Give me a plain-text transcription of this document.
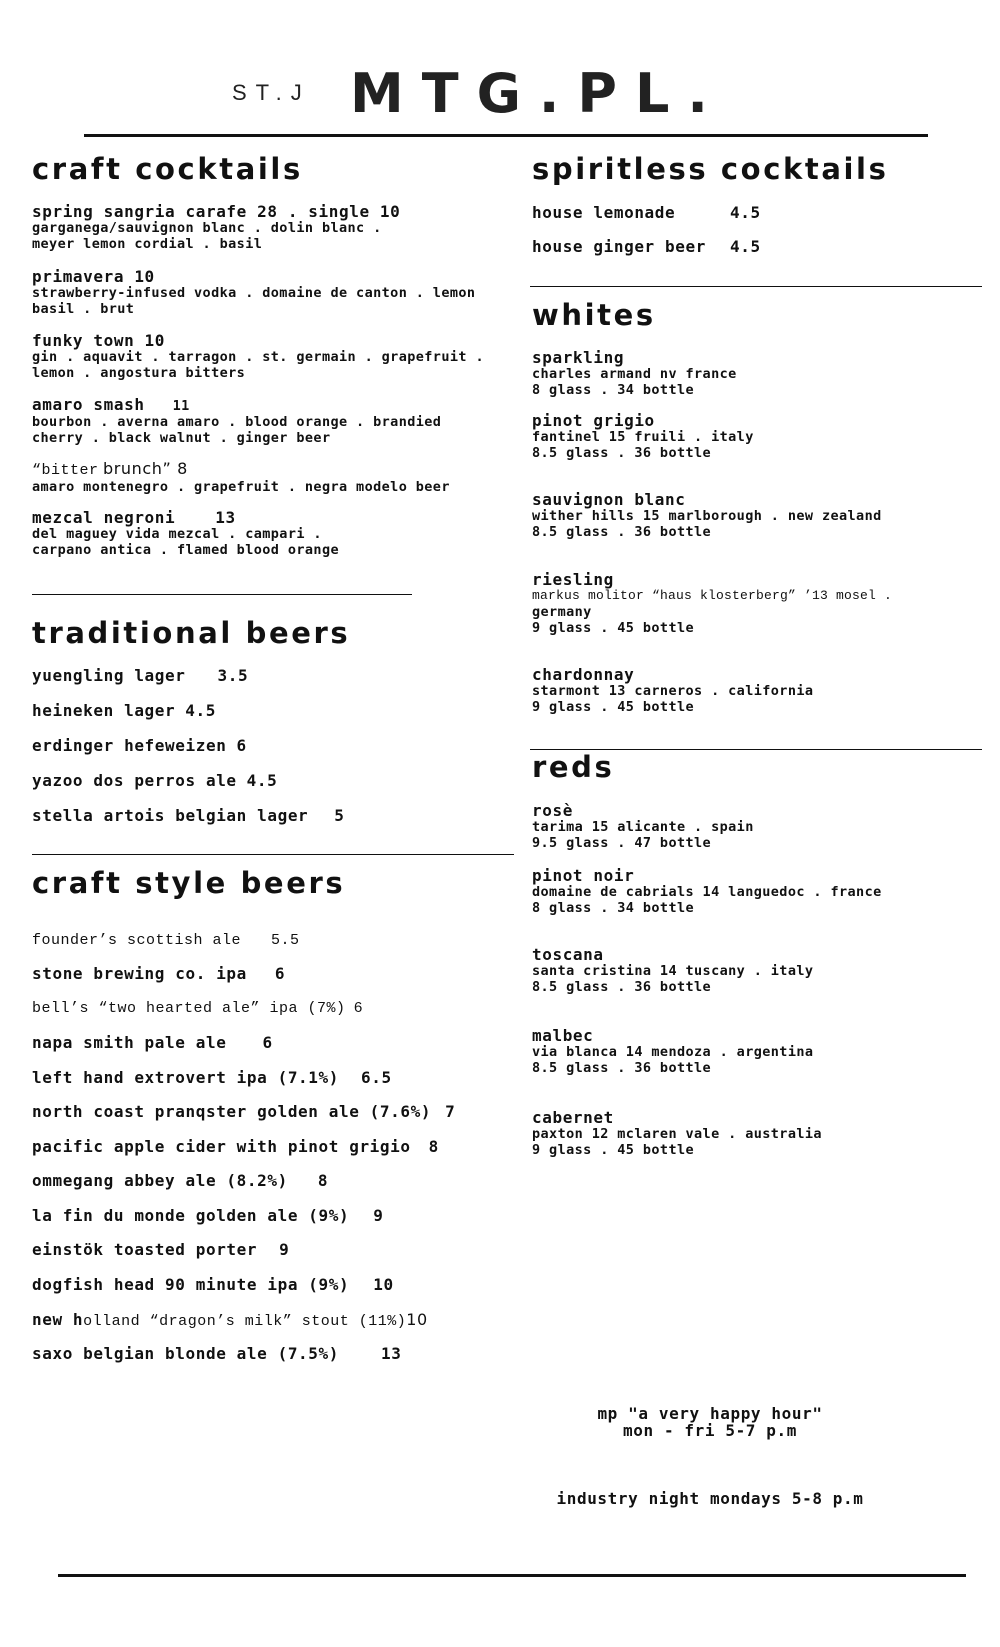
ST.J MTG.PL.
craft cocktails
spring sangria carafe 28 . single 10
garganega/sauvignon blanc . dolin blanc .
meyer lemon cordial . basil
primavera 10
strawberry-infused vodka . domaine de canton . lemon
basil . brut
funky town 10
gin . aquavit . tarragon . st. germain . grapefruit .
lemon . angostura bitters
amaro smash 11
bourbon . averna amaro . blood orange . brandied
cherry . black walnut . ginger beer
“bitter brunch” 8
amaro montenegro . grapefruit . negra modelo beer
mezcal negroni	13
del maguey vida mezcal . campari .
carpano antica . flamed blood orange
traditional beers
yuengling lager 3.5
heineken lager 4.5
erdinger hefeweizen 6
yazoo dos perros ale 4.5
stella artois belgian lager 5
craft style beers
founder’s scottish ale 5.5
stone brewing co. ipa 6
bell’s “two hearted ale” ipa (7%) 6
napa smith pale ale 6
left hand extrovert ipa (7.1%) 6.5
north coast pranqster golden ale (7.6%) 7
pacific apple cider with pinot grigio 8
ommegang abbey ale (8.2%) 8
la fin du monde golden ale (9%) 9
einstök toasted porter 9
dogfish head 90 minute ipa (9%) 10
new holland “dragon’s milk” stout (11%)10
saxo belgian blonde ale (7.5%)	13
spiritless cocktails
house lemonade	4.5
house ginger beer 4.5
whites
sparkling
charles armand nv france
8 glass . 34 bottle
pinot grigio
fantinel 15 fruili . italy
8.5 glass . 36 bottle
sauvignon blanc
wither hills 15 marlborough . new zealand
8.5 glass . 36 bottle
riesling
markus molitor “haus klosterberg” ’13 mosel .
germany
9 glass . 45 bottle
chardonnay
starmont 13 carneros . california
9 glass . 45 bottle
reds
rosè
tarima 15 alicante . spain
9.5 glass . 47 bottle
pinot noir
domaine de cabrials 14 languedoc . france
8 glass . 34 bottle
toscana
santa cristina 14 tuscany . italy
8.5 glass . 36 bottle
malbec
via blanca 14 mendoza . argentina
8.5 glass . 36 bottle
cabernet
paxton 12 mclaren vale . australia
9 glass . 45 bottle
mp "a very happy hour"
mon - fri 5-7 p.m
industry night mondays 5-8 p.m
